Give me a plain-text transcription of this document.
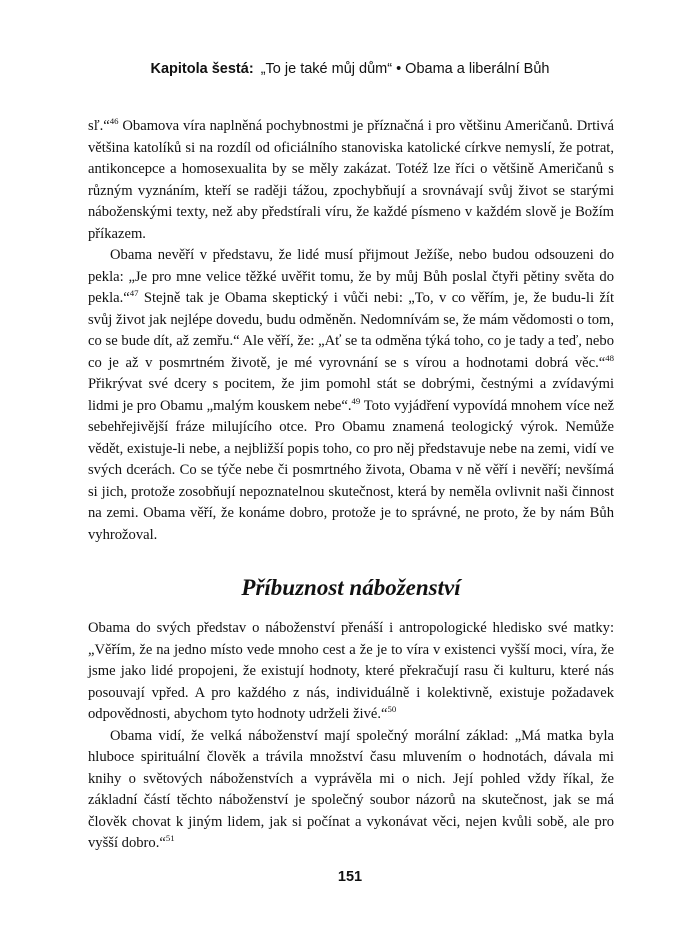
Kapitola šestá: „To je také můj dům“ • Obama a liberální Bůh

sľ.“$^{46}$ Obamova víra naplněná pochybnostmi je příznačná i pro většinu Američanů. Drtivá většina katolíků si na rozdíl od oficiálního stanoviska katolické církve nemyslí, že potrat, antikoncepce a homosexualita by se měly zakázat. Totéž lze říci o většině Američanů s různým vyznáním, kteří se raději tážou, zpochybňují a srovnávají svůj život se starými náboženskými texty, než aby předstírali víru, že každé písmeno v každém slově je Božím příkazem.

Obama nevěří v představu, že lidé musí přijmout Ježíše, nebo budou odsouzeni do pekla: „Je pro mne velice těžké uvěřit tomu, že by můj Bůh poslal čtyři pětiny světa do pekla.“$^{47}$ Stejně tak je Obama skeptický i vůči nebi: „To, v co věřím, je, že budu-li žít svůj život jak nejlépe dovedu, budu odměněn. Nedomnívám se, že mám vědomosti o tom, co se bude dít, až zemřu.“ Ale věří, že: „Ať se ta odměna týká toho, co je tady a teď, nebo co je až v posmrtném životě, je mé vyrovnání se s vírou a hodnotami dobrá věc.“$^{48}$ Přikrývat své dcery s pocitem, že jim pomohl stát se dobrými, čestnými a zvídavými lidmi je pro Obamu „malým kouskem nebe“.$^{49}$ Toto vyjádření vypovídá mnohem více než sebehřejivější fráze milujícího otce. Pro Obamu znamená teologický výrok. Nemůže vědět, existuje-li nebe, a nejbližší popis toho, co pro něj představuje nebe na zemi, vidí ve svých dcerách. Co se týče nebe či posmrtného života, Obama v ně věří i nevěří; nevšímá si jich, protože zosobňují nepoznatelnou skutečnost, která by neměla ovlivnit naši činnost na zemi. Obama věří, že konáme dobro, protože je to správné, ne proto, že by nám Bůh vyhrožoval.

Příbuznost náboženství

Obama do svých představ o náboženství přenáší i antropologické hledisko své matky: „Věřím, že na jedno místo vede mnoho cest a že je to víra v existenci vyšší moci, víra, že jsme jako lidé propojeni, že existují hodnoty, které překračují rasu či kulturu, které nás posouvají vpřed. A pro každého z nás, individuálně i kolektivně, existuje požadavek odpovědnosti, abychom tyto hodnoty udrželi živé.“$^{50}$

Obama vidí, že velká náboženství mají společný morální základ: „Má matka byla hluboce spirituální člověk a trávila množství času mluvením o hodnotách, dávala mi knihy o světových náboženstvích a vyprávěla mi o nich. Její pohled vždy říkal, že základní částí těchto náboženství je společný soubor názorů na skutečnost, jak se má člověk chovat k jiným lidem, jak si počínat a vykonávat věci, nejen kvůli sobě, ale pro vyšší dobro.“$^{51}$

151
